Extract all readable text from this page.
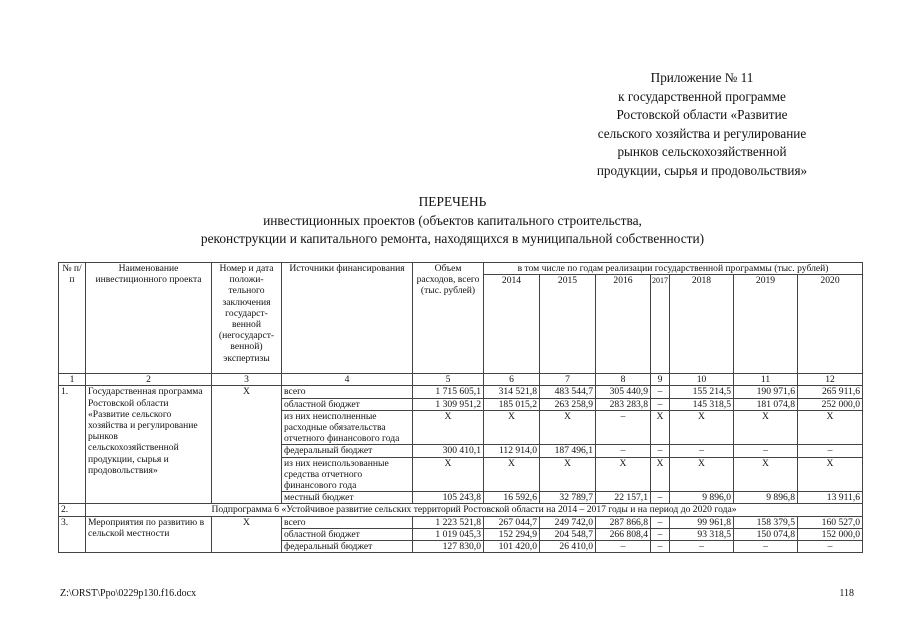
Приложение № 11
к государственной программе
Ростовской области «Развитие
сельского хозяйства и регулирование
рынков сельскохозяйственной
продукции, сырья и продовольствия»
ПЕРЕЧЕНЬ
инвестиционных проектов (объектов капитального строительства,
реконструкции и капитального ремонта, находящихся в муниципальной собственности)
№ п/п	Наименование инвестиционного проекта	Номер и дата положи-тельного заключения государст-венной (негосударст-венной) экспертизы	Источники финансирования	Объем расходов, всего (тыс. рублей)	в том числе по годам реализации государственной программы (тыс. рублей)						
					2014	2015	2016	2017	2018	2019	2020
1	2	3	4	5	6	7	8	9	10	11	12
1.	Государственная программа Ростовской области «Развитие сельского хозяйства и регулирование рынков сельскохозяйственной продукции, сырья и продовольствия»	Х	всего	1 715 605,1	314 521,8	483 544,7	305 440,9	–	155 214,5	190 971,6	265 911,6
			областной бюджет	1 309 951,2	185 015,2	263 258,9	283 283,8	–	145 318,5	181 074,8	252 000,0
			из них неисполненные расходные обязательства отчетного финансового года	Х	Х	Х	–	Х	Х	Х	Х
			федеральный бюджет	300 410,1	112 914,0	187 496,1	–	–	–	–	–
			из них неиспользованные средства отчетного финансового года	Х	Х	Х	Х	Х	Х	Х	Х
			местный бюджет	105 243,8	16 592,6	32 789,7	22 157,1	–	9 896,0	9 896,8	13 911,6
2.	Подпрограмма 6 «Устойчивое развитие сельских территорий Ростовской области на 2014 – 2017 годы и на период до 2020 года»										
3.	Мероприятия по развитию в сельской местности	Х	всего	1 223 521,8	267 044,7	249 742,0	287 866,8	–	99 961,8	158 379,5	160 527,0
			областной бюджет	1 019 045,3	152 294,9	204 548,7	266 808,4	–	93 318,5	150 074,8	152 000,0
			федеральный бюджет	127 830,0	101 420,0	26 410,0	–	–	–	–	–
Z:\ORST\Ppo\0229p130.f16.docx	118
